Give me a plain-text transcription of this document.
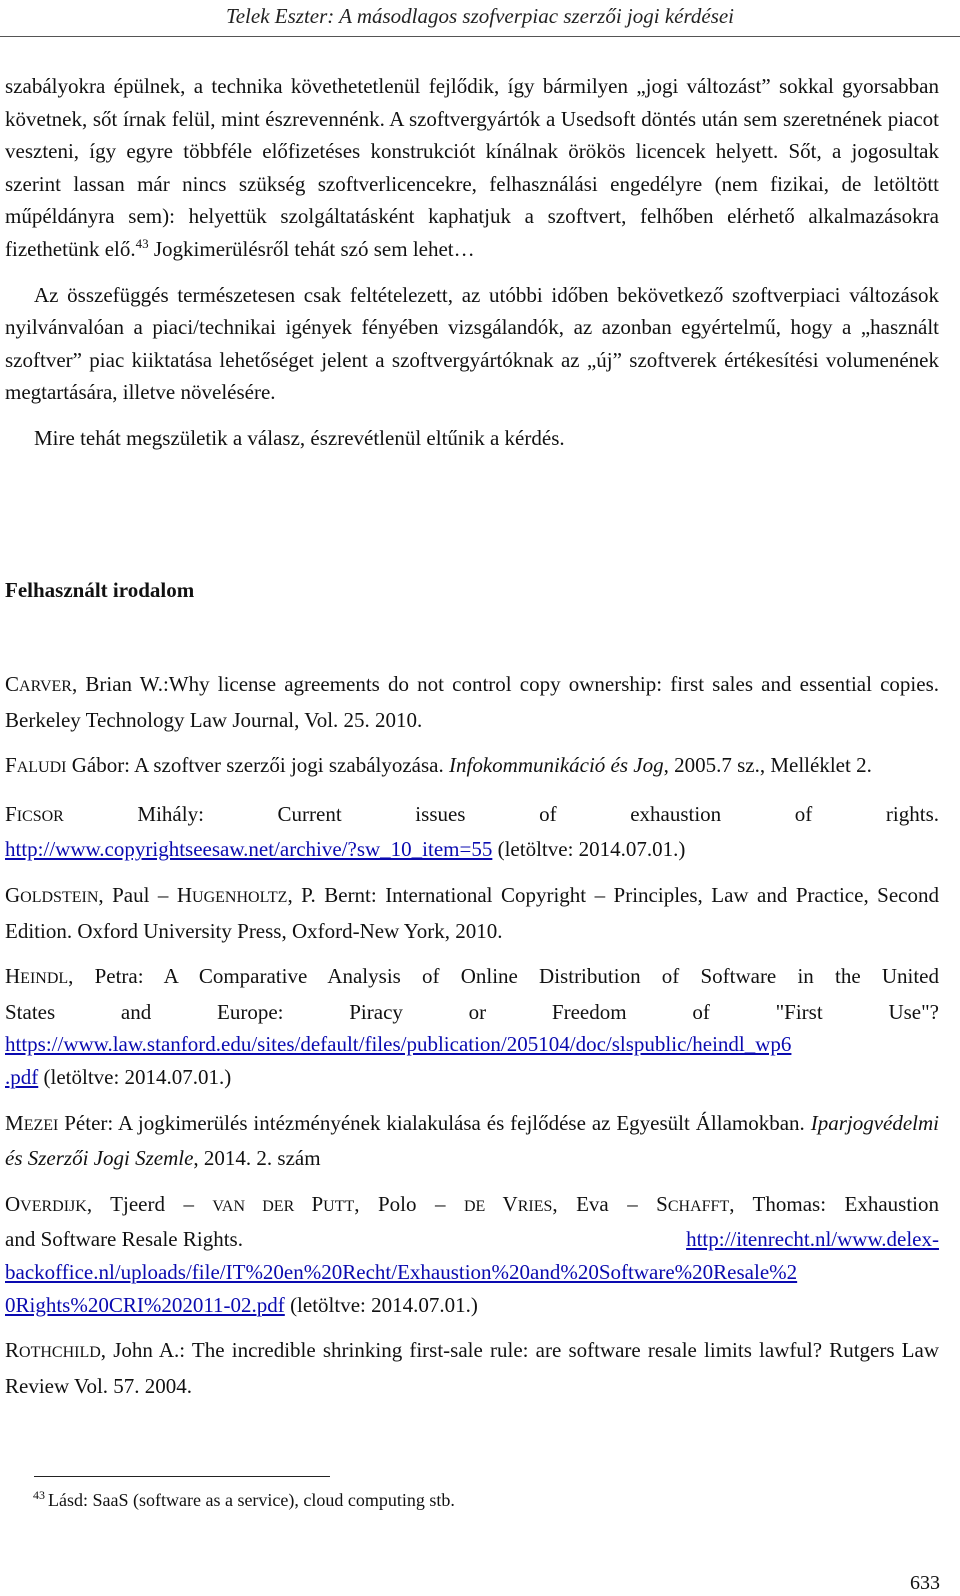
Telek Eszter: A másodlagos szofverpiac szerzői jogi kérdései

szabályokra épülnek, a technika követhetetlenül fejlődik, így bármilyen „jogi változást” sokkal gyorsabban követnek, sőt írnak felül, mint észrevennénk. A szoftvergyártók a Usedsoft döntés után sem szeretnének piacot veszteni, így egyre többféle előfizetéses konstrukciót kínálnak örökös licencek helyett. Sőt, a jogosultak szerint lassan már nincs szükség szoftverlicencekre, felhasználási engedélyre (nem fizikai, de letöltött műpéldányra sem): helyettük szolgáltatásként kaphatjuk a szoftvert, felhőben elérhető alkalmazásokra fizethetünk elő.$^{43}$ Jogkimerülésről tehát szó sem lehet…

Az összefüggés természetesen csak feltételezett, az utóbbi időben bekövetkező szoftverpiaci változások nyilvánvalóan a piaci/technikai igények fényében vizsgálandók, az azonban egyértelmű, hogy a „használt szoftver” piac kiiktatása lehetőséget jelent a szoftvergyártóknak az „új” szoftverek értékesítési volumenének megtartására, illetve növelésére.

Mire tehát megszületik a válasz, észrevétlenül eltűnik a kérdés.

Felhasznált irodalom

CARVER, Brian W.:Why license agreements do not control copy ownership: first sales and essential copies. Berkeley Technology Law Journal, Vol. 25. 2010.

FALUDI Gábor: A szoftver szerzői jogi szabályozása. Infokommunikáció és Jog, 2005.7 sz., Melléklet 2.

FICSOR Mihály: Current issues of exhaustion of rights.
http://www.copyrightseesaw.net/archive/?sw_10_item=55 (letöltve: 2014.07.01.)

GOLDSTEIN, Paul – HUGENHOLTZ, P. Bernt: International Copyright – Principles, Law and Practice, Second Edition. Oxford University Press, Oxford-New York, 2010.

HEINDL, Petra: A Comparative Analysis of Online Distribution of Software in the United
States and Europe: Piracy or Freedom of "First Use"?
https://www.law.stanford.edu/sites/default/files/publication/205104/doc/slspublic/heindl_wp6
.pdf (letöltve: 2014.07.01.)

MEZEI Péter: A jogkimerülés intézményének kialakulása és fejlődése az Egyesült Államokban. Iparjogvédelmi és Szerzői Jogi Szemle, 2014. 2. szám

OVERDIJK, Tjeerd – VAN DER PUTT, Polo – DE VRIES, Eva – SCHAFFT, Thomas: Exhaustion
and Software Resale Rights.	http://itenrecht.nl/www.delex-
backoffice.nl/uploads/file/IT%20en%20Recht/Exhaustion%20and%20Software%20Resale%2
0Rights%20CRI%202011-02.pdf (letöltve: 2014.07.01.)

ROTHCHILD, John A.: The incredible shrinking first-sale rule: are software resale limits lawful? Rutgers Law Review Vol. 57. 2004.

$^{43}$ Lásd: SaaS (software as a service), cloud computing stb.
633
